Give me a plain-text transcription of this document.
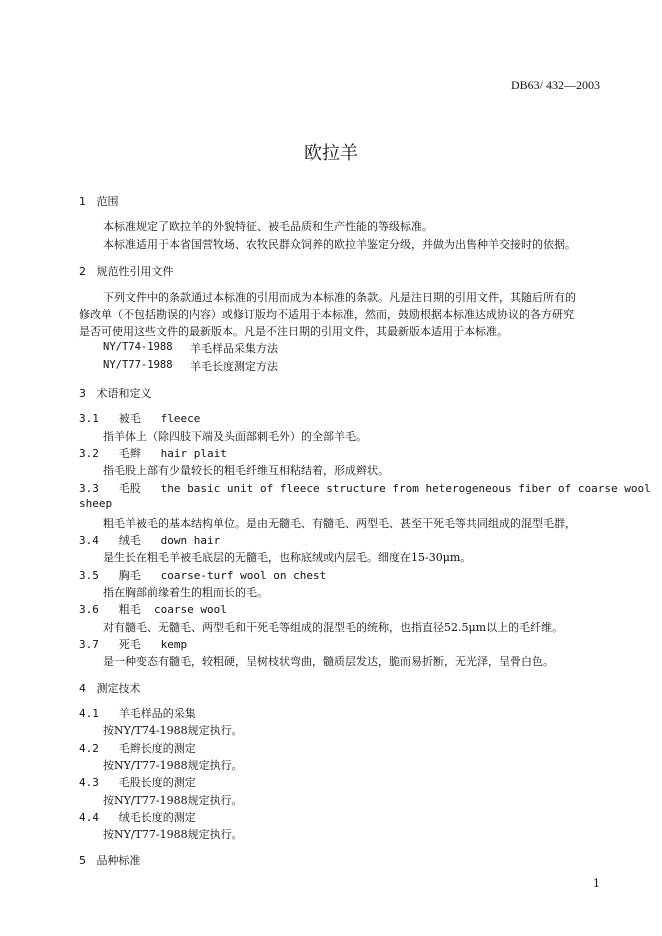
DB63/ 432—2003
欧拉羊
1 范围
本标准规定了欧拉羊的外貌特征、被毛品质和生产性能的等级标准。
本标准适用于本省国营牧场、农牧民群众饲养的欧拉羊鉴定分级，并做为出售种羊交接时的依据。
2 规范性引用文件
下列文件中的条款通过本标准的引用而成为本标准的条款。凡是注日期的引用文件，其随后所有的
修改单（不包括勘误的内容）或修订版均不适用于本标准，然而，鼓励根据本标准达成协议的各方研究
是否可使用这些文件的最新版本。凡是不注日期的引用文件，其最新版本适用于本标准。
NY/T74-1988 羊毛样品采集方法
NY/T77-1988 羊毛长度测定方法
3 术语和定义
3.1 被毛 fleece
指羊体上（除四肢下端及头面部刺毛外）的全部羊毛。
3.2 毛辫 hair plait
指毛股上部有少量较长的粗毛纤维互相粘结着，形成辫状。
3.3 毛股 the basic unit of fleece structure from heterogeneous fiber of coarse wool
sheep
粗毛羊被毛的基本结构单位。是由无髓毛、有髓毛、两型毛、甚至干死毛等共同组成的混型毛群，
3.4 绒毛 down hair
是生长在粗毛羊被毛底层的无髓毛，也称底绒或内层毛。细度在15-30μm。
3.5 胸毛 coarse-turf wool on chest
指在胸部前缘着生的粗而长的毛。
3.6 粗毛 coarse wool
对有髓毛、无髓毛、两型毛和干死毛等组成的混型毛的统称，也指直径52.5μm以上的毛纤维。
3.7 死毛 kemp
是一种变态有髓毛，较粗硬，呈树枝状弯曲，髓质层发达，脆而易折断，无光泽，呈骨白色。
4 测定技术
4.1 羊毛样品的采集
按NY/T74-1988规定执行。
4.2 毛辫长度的测定
按NY/T77-1988规定执行。
4.3 毛股长度的测定
按NY/T77-1988规定执行。
4.4 绒毛长度的测定
按NY/T77-1988规定执行。
5 品种标准
1
